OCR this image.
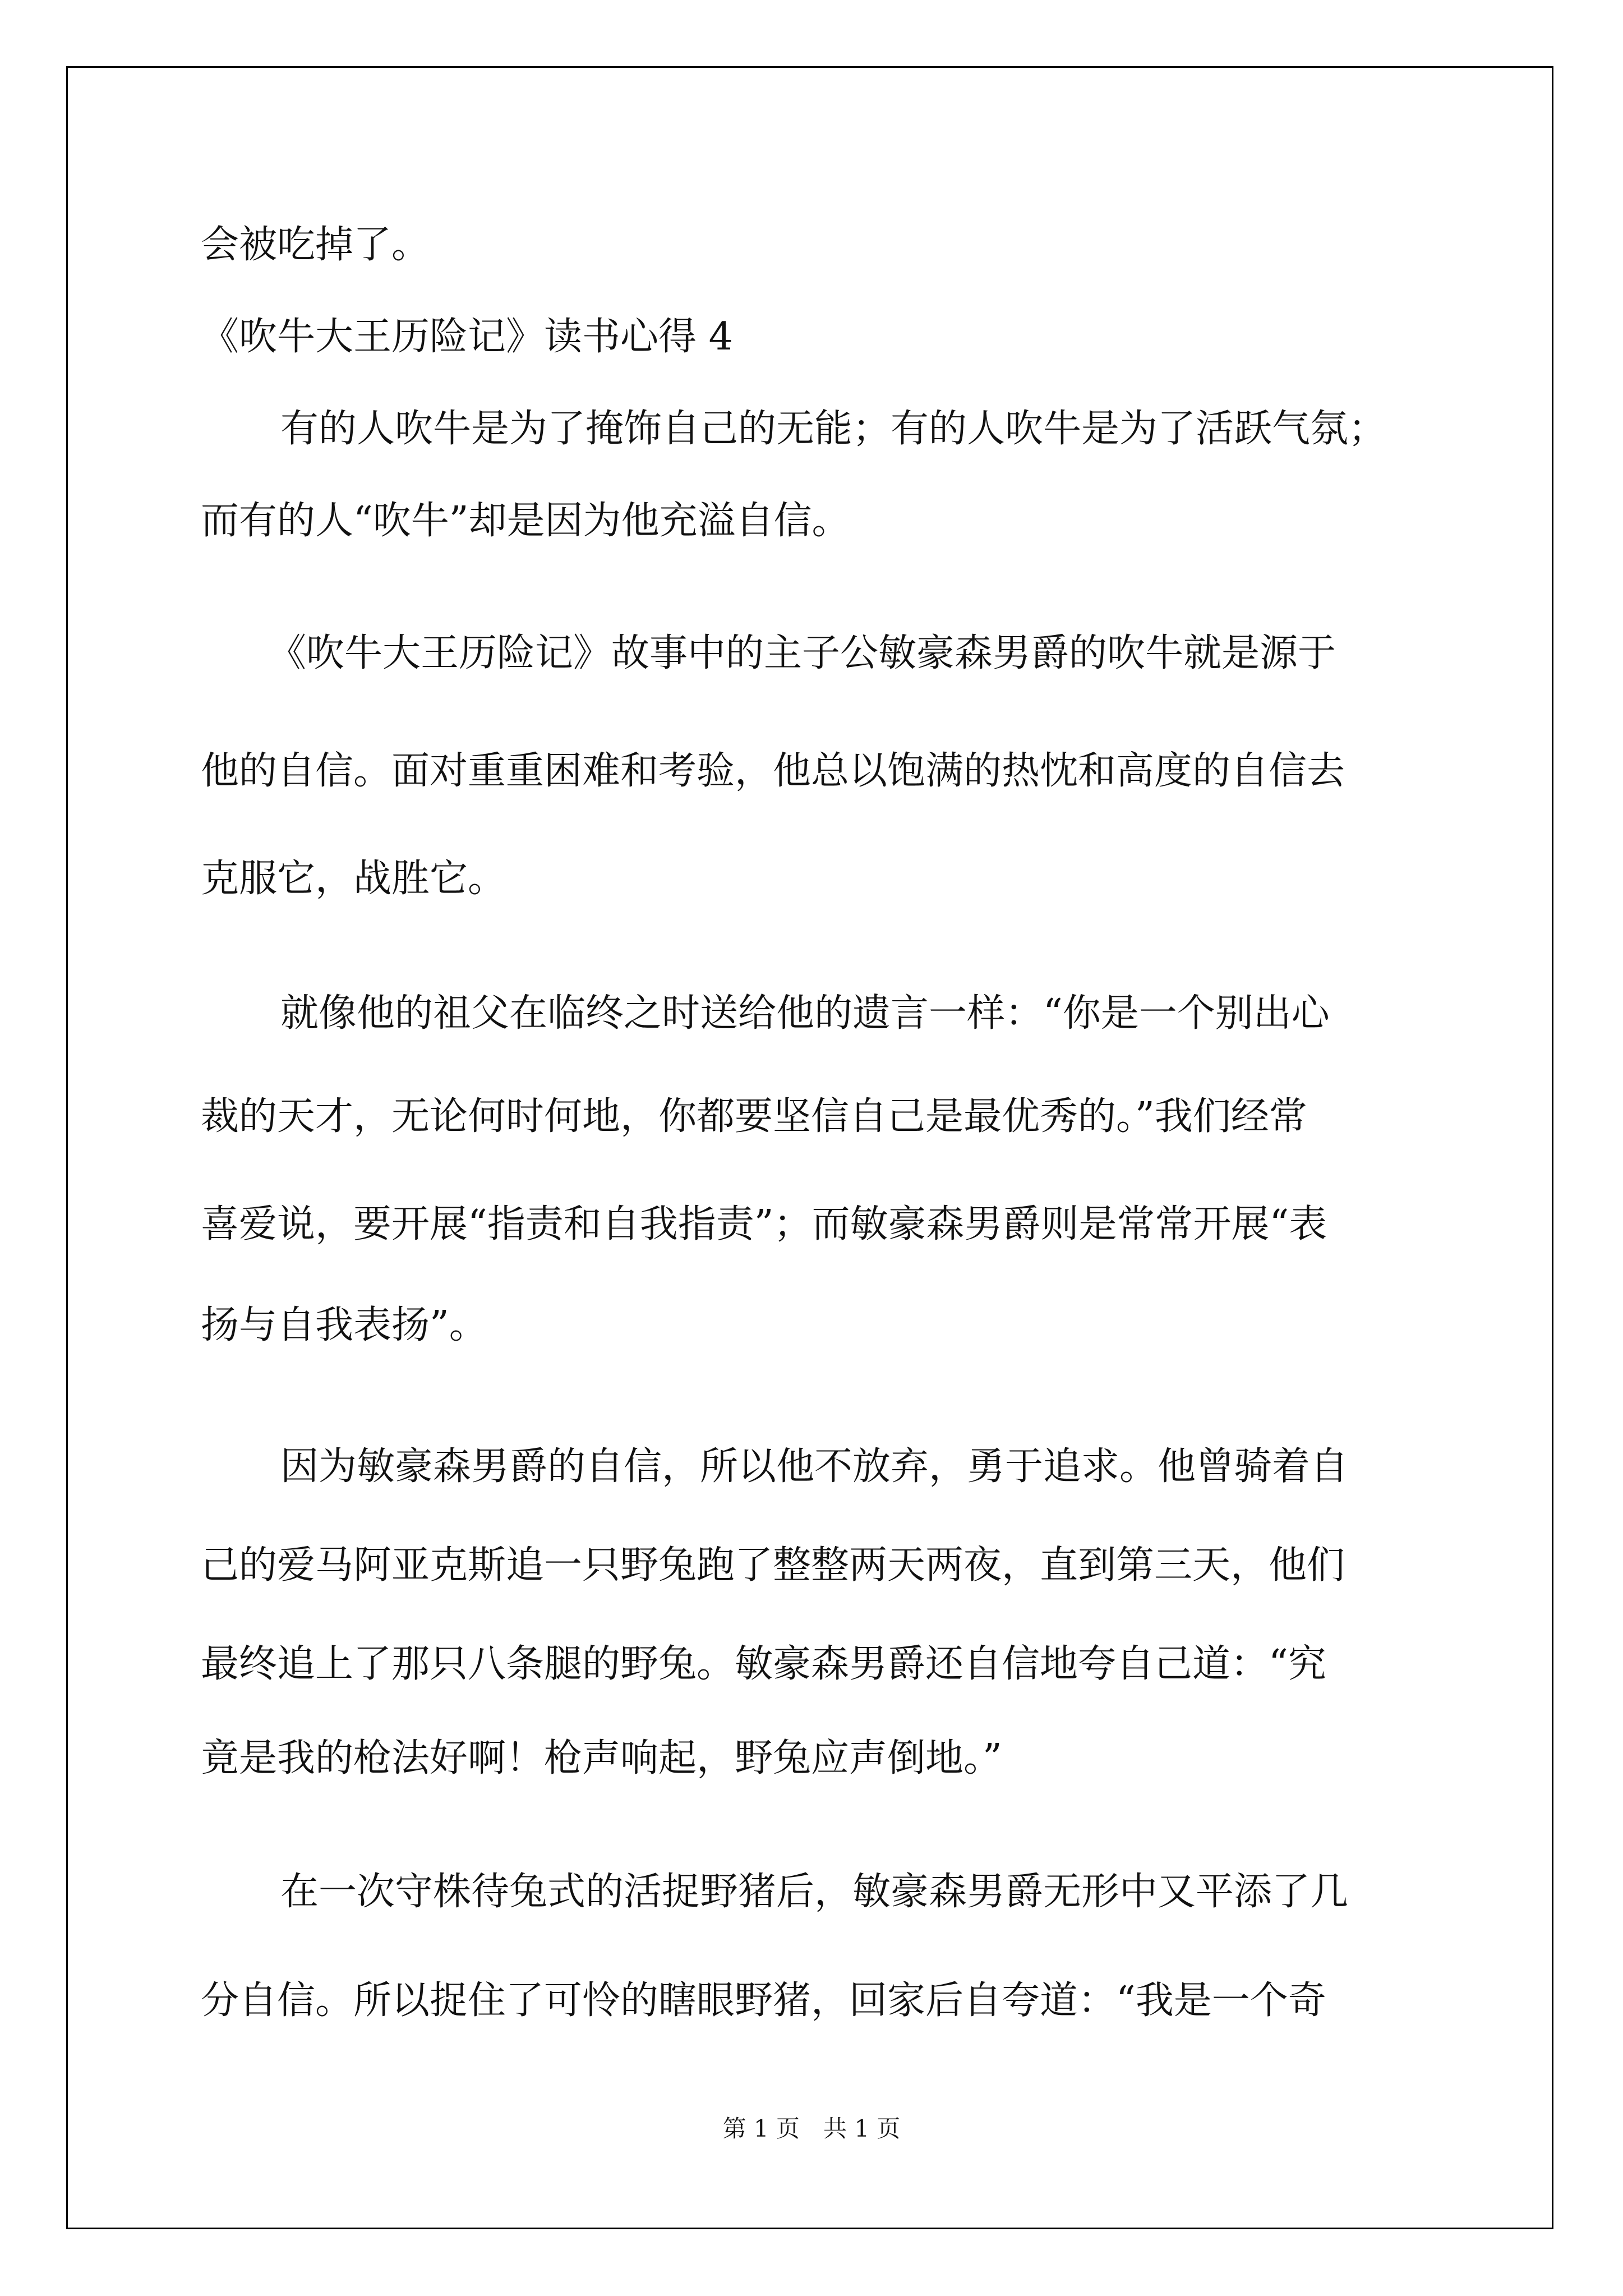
会被吃掉了。
《吹牛大王历险记》读书心得 4
有的人吹牛是为了掩饰自己的无能；有的人吹牛是为了活跃气氛；
而有的人“吹牛”却是因为他充溢自信。
《吹牛大王历险记》故事中的主子公敏豪森男爵的吹牛就是源于
他的自信。面对重重困难和考验，他总以饱满的热忱和高度的自信去
克服它，战胜它。
就像他的祖父在临终之时送给他的遗言一样：“你是一个别出心
裁的天才，无论何时何地，你都要坚信自己是最优秀的。”我们经常
喜爱说，要开展“指责和自我指责”；而敏豪森男爵则是常常开展“表
扬与自我表扬”。
因为敏豪森男爵的自信，所以他不放弃，勇于追求。他曾骑着自
己的爱马阿亚克斯追一只野兔跑了整整两天两夜，直到第三天，他们
最终追上了那只八条腿的野兔。敏豪森男爵还自信地夸自己道：“究
竟是我的枪法好啊！枪声响起，野兔应声倒地。”
在一次守株待兔式的活捉野猪后，敏豪森男爵无形中又平添了几
分自信。所以捉住了可怜的瞎眼野猪，回家后自夸道：“我是一个奇
第 1 页　共 1 页
